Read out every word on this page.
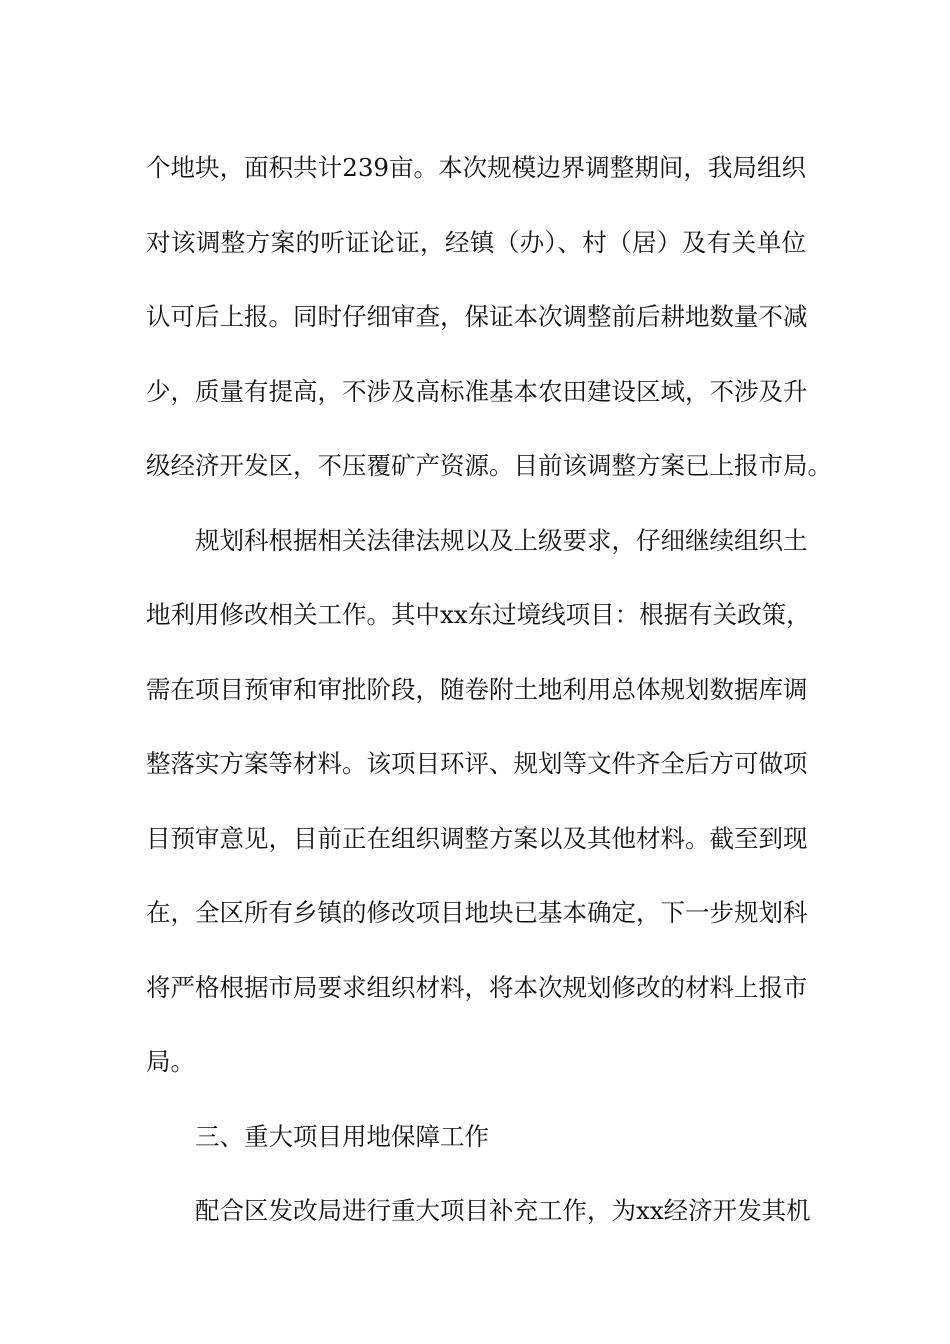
个地块，面积共计239亩。本次规模边界调整期间，我局组织
对该调整方案的听证论证，经镇（办）、村（居）及有关单位
认可后上报。同时仔细审查，保证本次调整前后耕地数量不减
少，质量有提高，不涉及高标准基本农田建设区域，不涉及升
级经济开发区，不压覆矿产资源。目前该调整方案已上报市局。
规划科根据相关法律法规以及上级要求，仔细继续组织土
地利用修改相关工作。其中xx东过境线项目：根据有关政策，
需在项目预审和审批阶段，随卷附土地利用总体规划数据库调
整落实方案等材料。该项目环评、规划等文件齐全后方可做项
目预审意见，目前正在组织调整方案以及其他材料。截至到现
在，全区所有乡镇的修改项目地块已基本确定，下一步规划科
将严格根据市局要求组织材料，将本次规划修改的材料上报市
局。
三、重大项目用地保障工作
配合区发改局进行重大项目补充工作，为xx经济开发其机
